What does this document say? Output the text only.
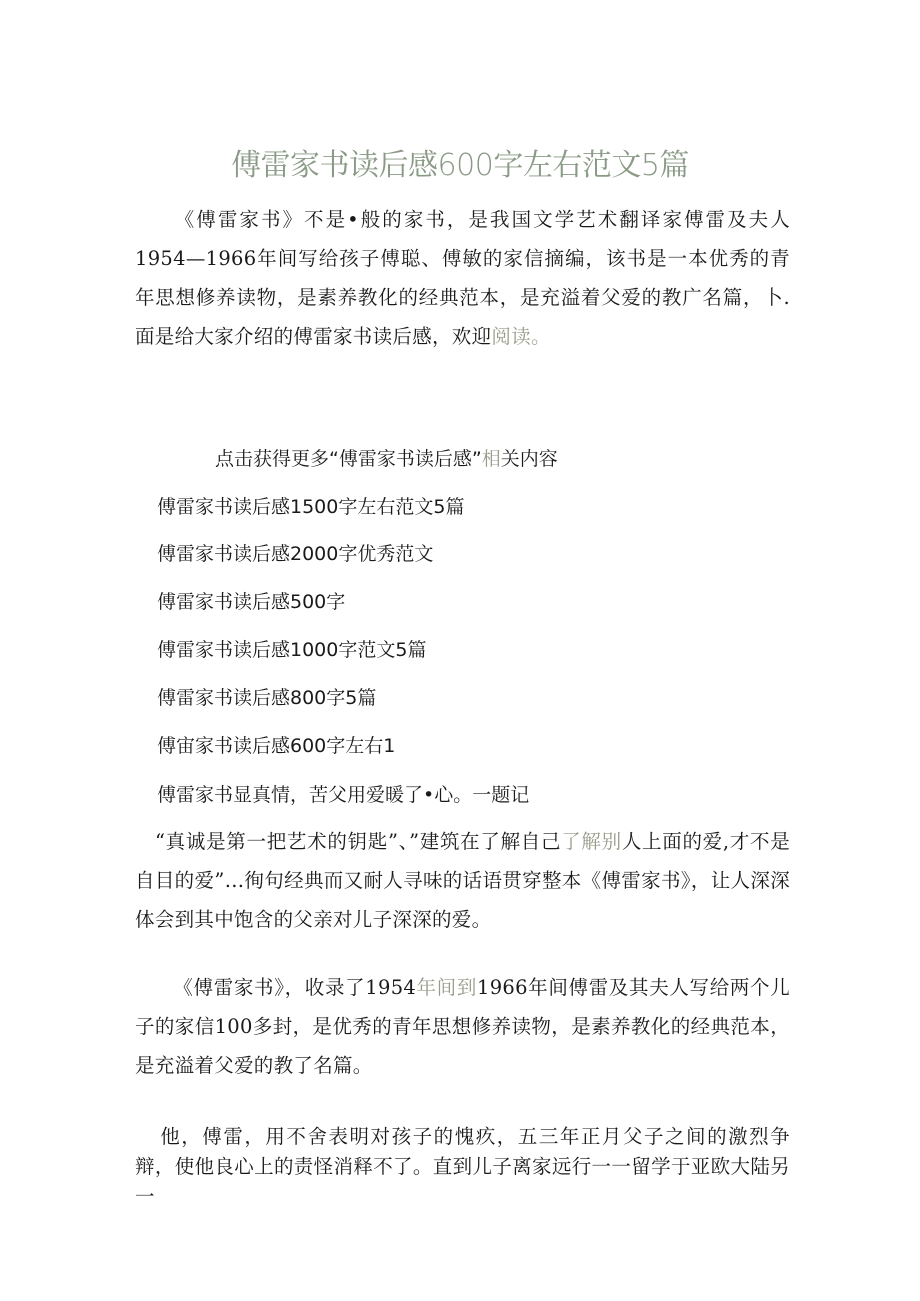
傅雷家书读后感600字左右范文5篇
《傅雷家书》不是•般的家书，是我国文学艺术翻译家傅雷及夫人1954—1966年间写给孩子傅聪、傅敏的家信摘编，该书是一本优秀的青年思想修养读物，是素养教化的经典范本，是充溢着父爱的教广名篇，卜.面是给大家介绍的傅雷家书读后感，欢迎阅读。
点击获得更多“傅雷家书读后感”相关内容
傅雷家书读后感1500字左右范文5篇
傅雷家书读后感2000字优秀范文
傅雷家书读后感500字
傅雷家书读后感1000字范文5篇
傅雷家书读后感800字5篇
傅宙家书读后感600字左右1
傅雷家书显真情，苦父用爱暖了•心。一题记
“真诚是第一把艺术的钥匙”、”建筑在了解自己了解别人上面的爱,才不是自目的爱”…徇句经典而又耐人寻味的话语贯穿整本《傅雷家书》，让人深深体会到其中饱含的父亲对儿子深深的爱。
《傅雷家书》，收录了1954年间到1966年间傅雷及其夫人写给两个儿子的家信100多封，是优秀的青年思想修养读物，是素养教化的经典范本，是充溢着父爱的教了名篇。
他，傅雷，用不舍表明对孩子的愧疚，五三年正月父子之间的激烈争辩，使他良心上的责怪消释不了。直到儿子离家远行一一留学于亚欧大陆另一
